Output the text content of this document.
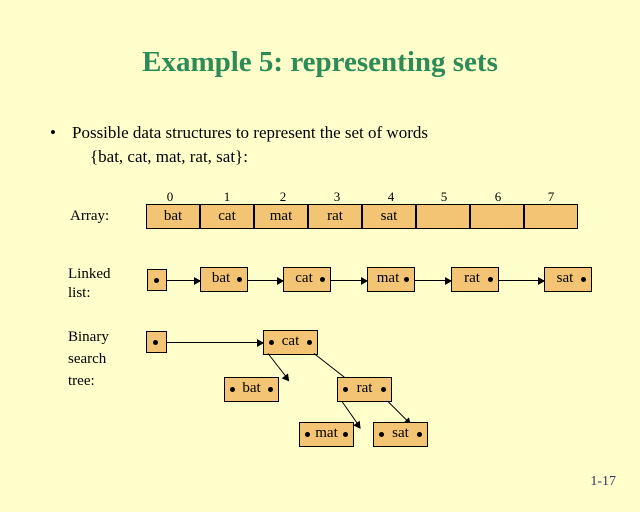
Example 5: representing sets
• Possible data structures to represent the set of words
{bat, cat, mat, rat, sat}:
Array:
0	1	2	3	4	5	6	7
bat	cat	mat	rat	sat
Linked
list:
bat	cat	mat	rat	sat
Binary
search
tree:
cat
bat	rat
mat	sat
1-17
